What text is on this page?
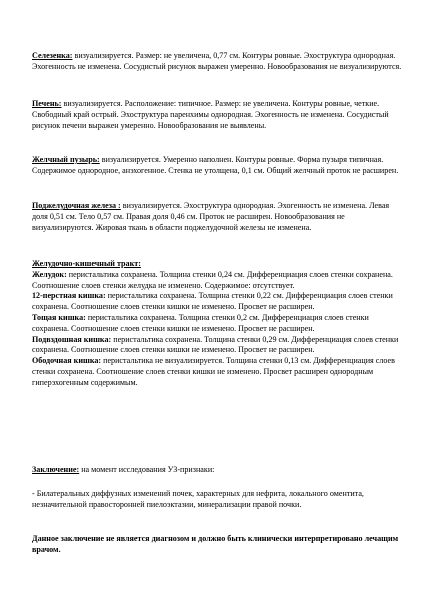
Селезенка: визуализируется. Размер: не увеличена, 0,77 см. Контуры ровные. Эхоструктура однородная. Эхогенность не изменена. Сосудистый рисунок выражен умеренно. Новообразования не визуализируются.

Печень: визуализируется. Расположение: типичное. Размер: не увеличена. Контуры ровные, четкие. Свободный край острый. Эхоструктура паренхимы однородная. Эхогенность не изменена. Сосудистый рисунок печени выражен умеренно. Новообразования не выявлены.

Желчный пузырь: визуализируется. Умеренно наполнен. Контуры ровные. Форма пузыря типичная. Содержимое однородное, анэхогенное. Стенка не утолщена, 0,1 см. Общий желчный проток не расширен.

Поджелудочная железа : визуализируется. Эхоструктура однородная. Эхогенность не изменена. Левая доля 0,51 см. Тело 0,57 см. Правая доля 0,46 см. Проток не расширен. Новообразования не визуализируются. Жировая ткань в области поджелудочной железы не изменена.

Желудочно-кишечный тракт:

Желудок: перистальтика сохранена. Толщина стенки 0,24 см. Дифференциация слоев стенки сохранена. Соотношение слоев стенки желудка не изменено. Содержимое: отсутствует.

12-перстная кишка: перистальтика сохранена. Толщина стенки 0,22 см. Дифференциация слоев стенки сохранена. Соотношение слоев стенки кишки не изменено. Просвет не расширен.

Тощая кишка: перистальтика сохранена. Толщина стенки 0,2 см. Дифференциация слоев стенки сохранена. Соотношение слоев стенки кишки не изменено. Просвет не расширен.

Подвздошная кишка: перистальтика сохранена. Толщина стенки 0,29 см. Дифференциация слоев стенки сохранена. Соотношение слоев стенки кишки не изменено. Просвет не расширен.

Ободочная кишка: перистальтика не визуализируется. Толщина стенки 0,13 см. Дифференциация слоев стенки сохранена. Соотношение слоев стенки кишки не изменено. Просвет расширен однородным гиперэхогенным содержимым.

Заключение: на момент исследования УЗ-признаки:

- Билатеральных диффузных изменений почек, характерных для нефрита, локального оментита, незначительной правосторонней пиелоэктазии, минерализации правой почки.

Данное заключение не является диагнозом и должно быть клинически интерпретировано лечащим врачом.
